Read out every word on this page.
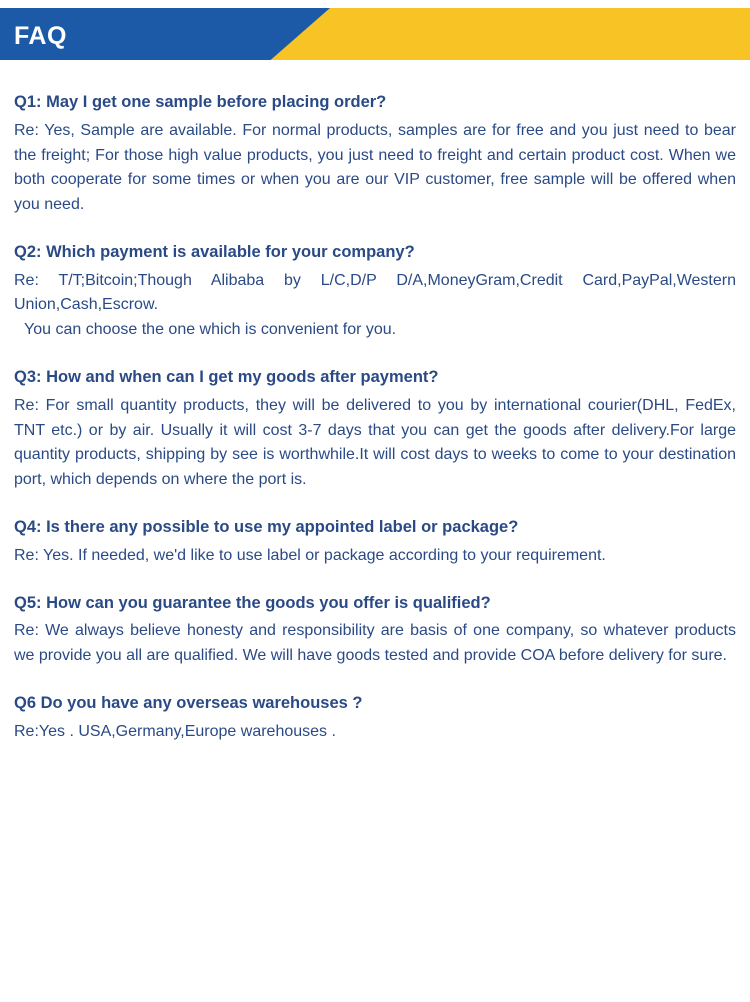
FAQ

Q1: May I get one sample before placing order?

Re: Yes, Sample are available. For normal products, samples are for free and you just need to bear the freight; For those high value products, you just need to freight and certain product cost. When we both cooperate for some times or when you are our VIP customer, free sample will be offered when you need.

Q2: Which payment is available for your company?

Re: T/T;Bitcoin;Though Alibaba by L/C,D/P D/A,MoneyGram,Credit Card,PayPal,Western Union,Cash,Escrow.

You can choose the one which is convenient for you.

Q3: How and when can I get my goods after payment?

Re: For small quantity products, they will be delivered to you by international courier(DHL, FedEx, TNT etc.) or by air. Usually it will cost 3-7 days that you can get the goods after delivery.For large quantity products, shipping by see is worthwhile.It will cost days to weeks to come to your destination port, which depends on where the port is.

Q4: Is there any possible to use my appointed label or package?

Re: Yes. If needed, we'd like to use label or package according to your requirement.

Q5: How can you guarantee the goods you offer is qualified?

Re: We always believe honesty and responsibility are basis of one company, so whatever products we provide you all are qualified. We will have goods tested and provide COA before delivery for sure.

Q6 Do you have any overseas warehouses ?

Re:Yes . USA,Germany,Europe warehouses .
